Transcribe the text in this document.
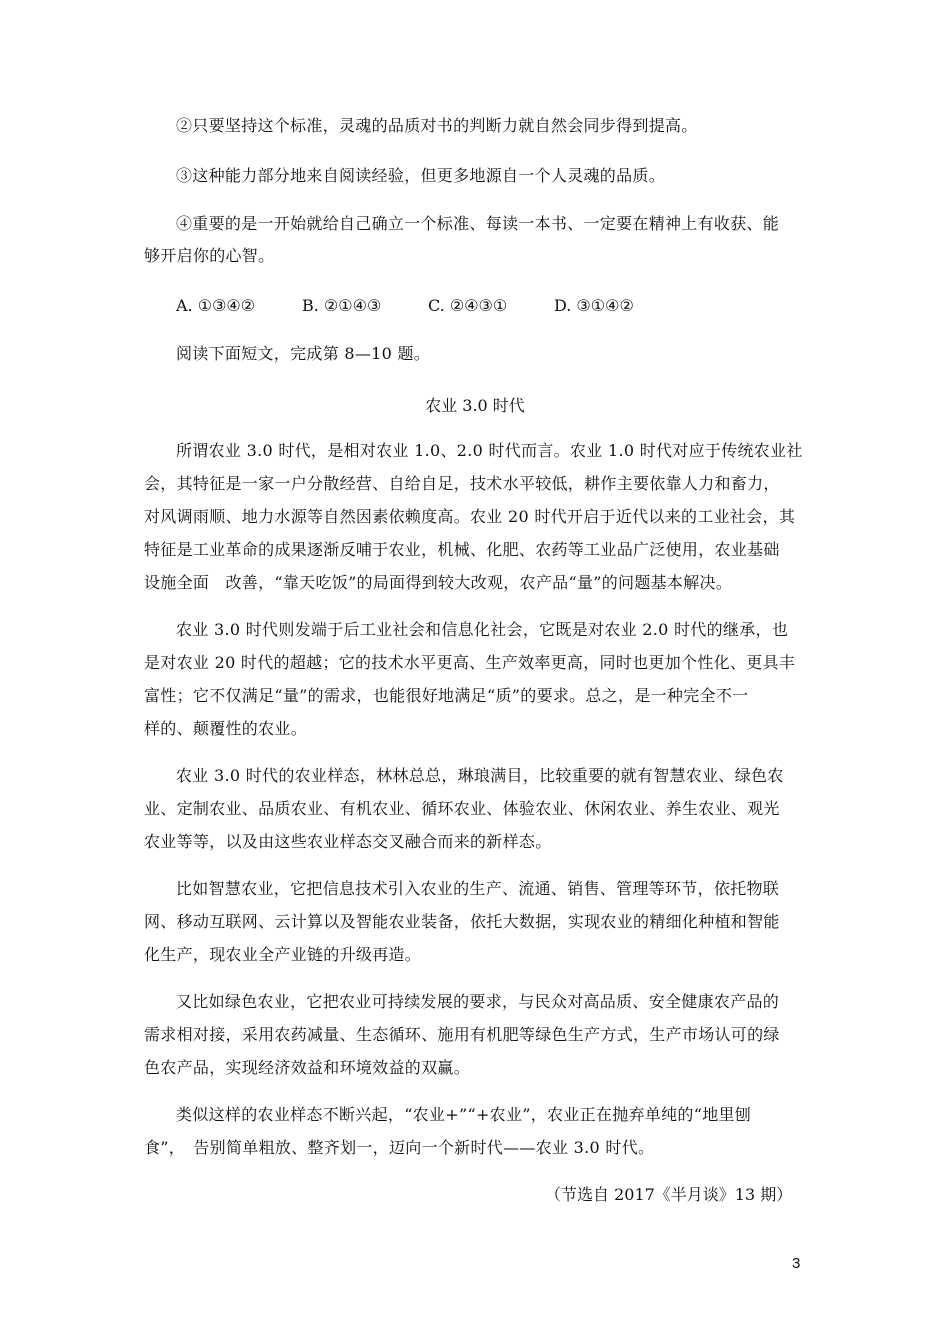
②只要坚持这个标准，灵魂的品质对书的判断力就自然会同步得到提高。
③这种能力部分地来自阅读经验，但更多地源自一个人灵魂的品质。
④重要的是一开始就给自己确立一个标准、每读一本书、一定要在精神上有收获、能
够开启你的心智。
A. ①③④②	B. ②①④③	C. ②④③①	D. ③①④②
阅读下面短文，完成第 8—10 题。
农业 3.0 时代
所谓农业 3.0 时代，是相对农业 1.0、2.0 时代而言。农业 1.0 时代对应于传统农业社
会，其特征是一家一户分散经营、自给自足，技术水平较低，耕作主要依靠人力和畜力，
对风调雨顺、地力水源等自然因素依赖度高。农业 20 时代开启于近代以来的工业社会，其
特征是工业革命的成果逐渐反哺于农业，机械、化肥、农药等工业品广泛使用，农业基础
设施全面　改善，“靠天吃饭”的局面得到较大改观，农产品“量”的问题基本解决。
农业 3.0 时代则发端于后工业社会和信息化社会，它既是对农业 2.0 时代的继承，也
是对农业 20 时代的超越；它的技术水平更高、生产效率更高，同时也更加个性化、更具丰
富性；它不仅满足“量”的需求，也能很好地满足“质”的要求。总之，是一种完全不一
样的、颠覆性的农业。
农业 3.0 时代的农业样态，林林总总，琳琅满目，比较重要的就有智慧农业、绿色农
业、定制农业、品质农业、有机农业、循环农业、体验农业、休闲农业、养生农业、观光
农业等等，以及由这些农业样态交叉融合而来的新样态。
比如智慧农业，它把信息技术引入农业的生产、流通、销售、管理等环节，依托物联
网、移动互联网、云计算以及智能农业装备，依托大数据，实现农业的精细化种植和智能
化生产，现农业全产业链的升级再造。
又比如绿色农业，它把农业可持续发展的要求，与民众对高品质、安全健康农产品的
需求相对接，采用农药减量、生态循环、施用有机肥等绿色生产方式，生产市场认可的绿
色农产品，实现经济效益和环境效益的双赢。
类似这样的农业样态不断兴起，“农业+”“+农业”，农业正在抛弃单纯的“地里刨
食”，　告别简单粗放、整齐划一，迈向一个新时代——农业 3.0 时代。
（节选自 2017《半月谈》13 期）
3
